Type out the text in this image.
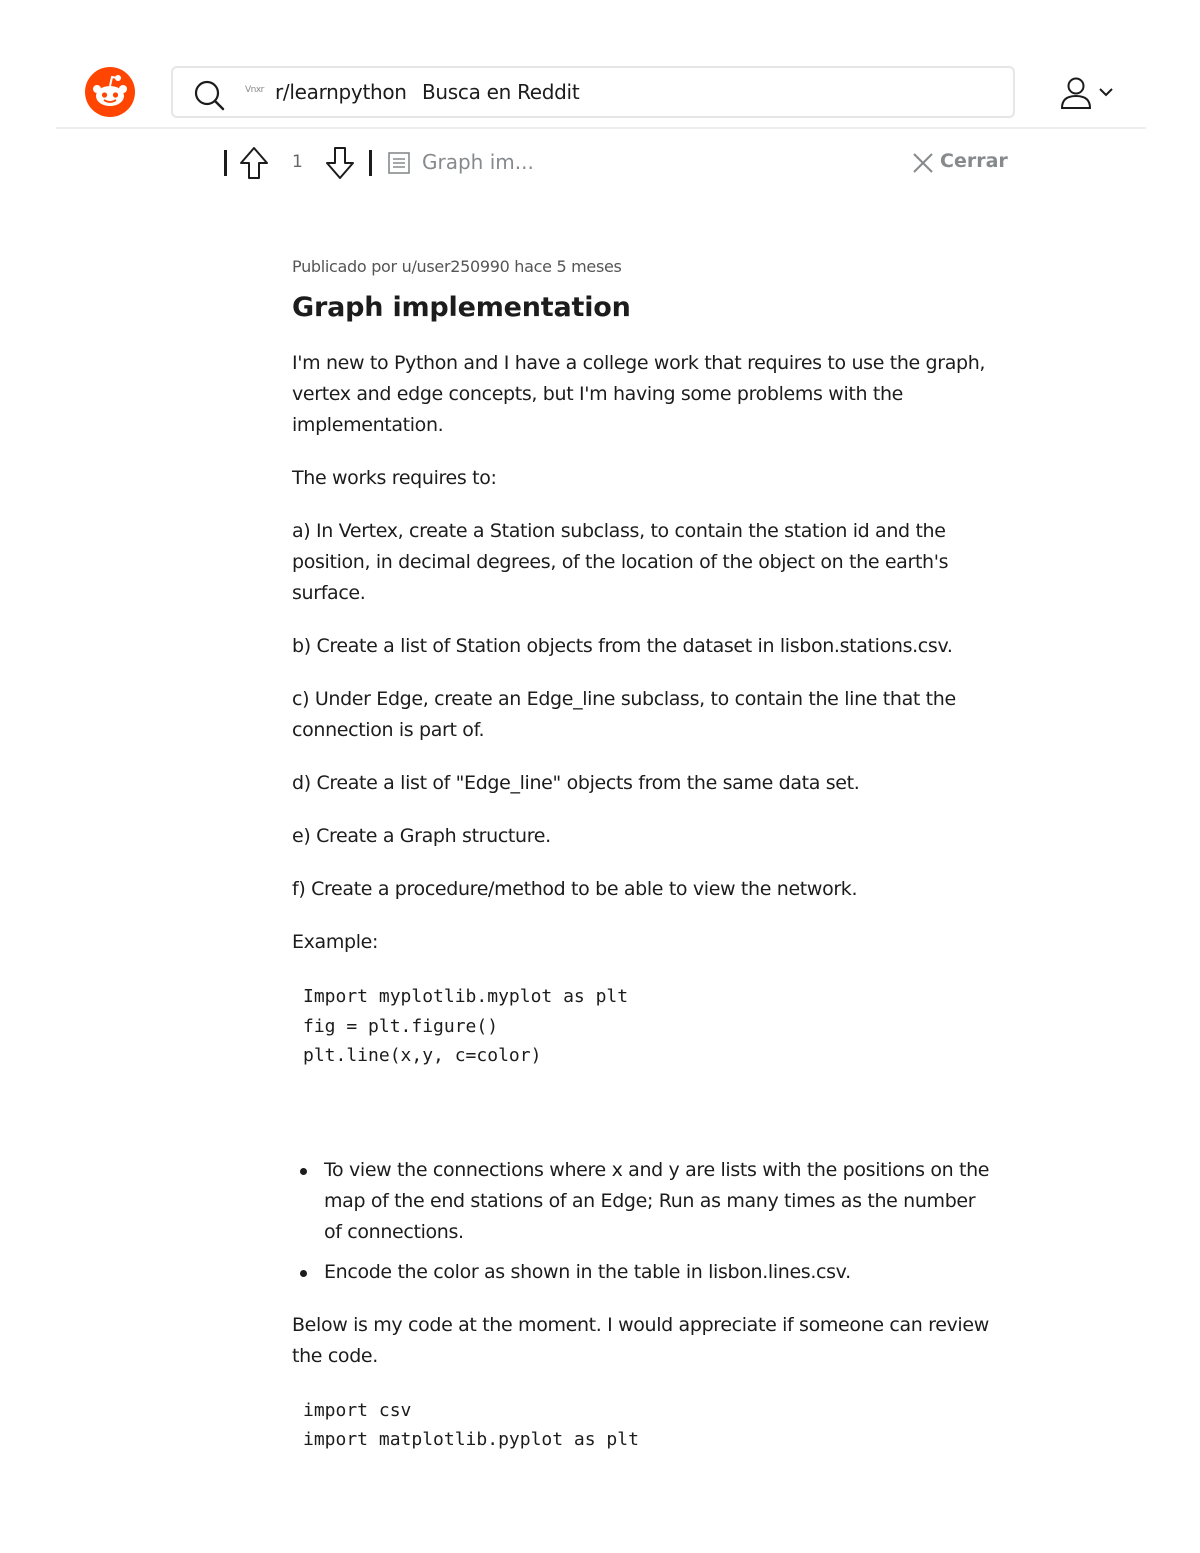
Vnxr r/learnpython Busca en Reddit
1	Graph im...	Cerrar

Publicado por u/user250990 hace 5 meses

Graph implementation

I'm new to Python and I have a college work that requires to use the graph, vertex and edge concepts, but I'm having some problems with the implementation.

The works requires to:

a) In Vertex, create a Station subclass, to contain the station id and the position, in decimal degrees, of the location of the object on the earth's surface.

b) Create a list of Station objects from the dataset in lisbon.stations.csv.

c) Under Edge, create an Edge_line subclass, to contain the line that the connection is part of.

d) Create a list of "Edge_line" objects from the same data set.

e) Create a Graph structure.

f) Create a procedure/method to be able to view the network.

Example:

Import myplotlib.myplot as plt
fig = plt.figure()
plt.line(x,y, c=color)
To view the connections where x and y are lists with the positions on the map of the end stations of an Edge; Run as many times as the number of connections.
Encode the color as shown in the table in lisbon.lines.csv.

Below is my code at the moment. I would appreciate if someone can review the code.

import csv
import matplotlib.pyplot as plt
